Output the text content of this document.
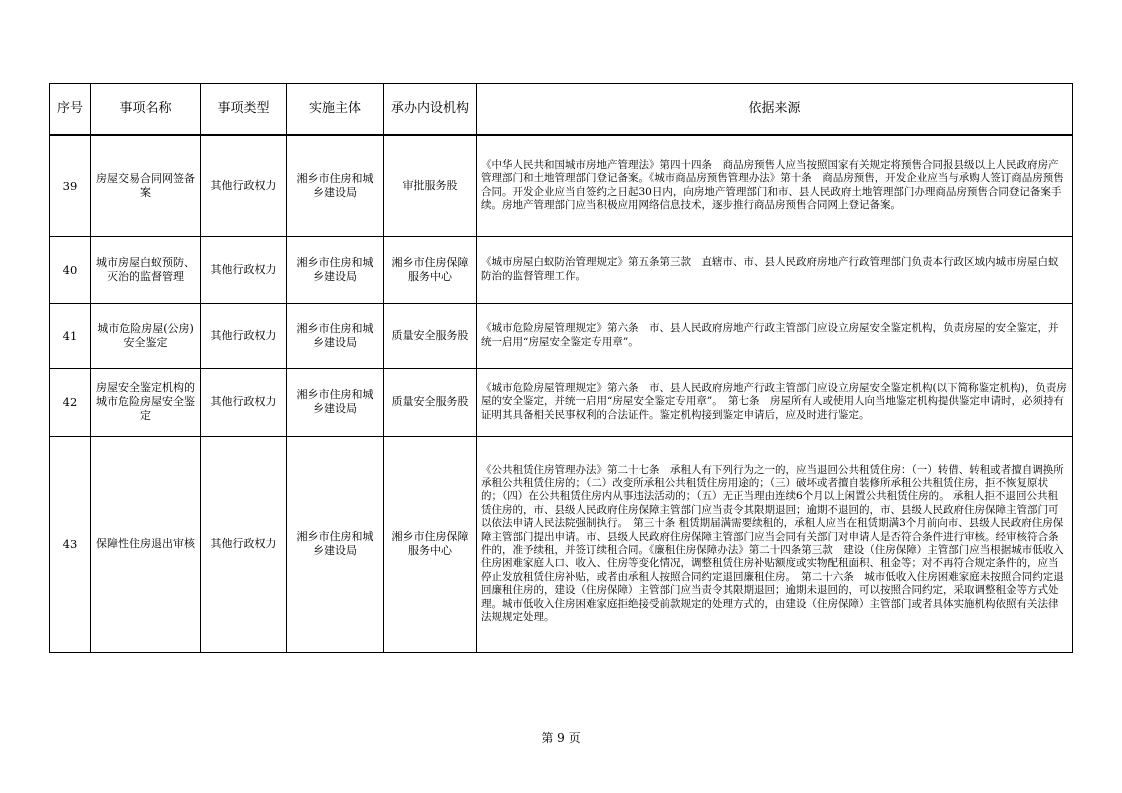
序号	事项名称	事项类型	实施主体	承办内设机构	依据来源
39	房屋交易合同网签备案	其他行政权力	湘乡市住房和城乡建设局	审批服务股	《中华人民共和国城市房地产管理法》第四十四条　商品房预售人应当按照国家有关规定将预售合同报县级以上人民政府房产管理部门和土地管理部门登记备案。《城市商品房预售管理办法》第十条　商品房预售，开发企业应当与承购人签订商品房预售合同。开发企业应当自签约之日起30日内，向房地产管理部门和市、县人民政府土地管理部门办理商品房预售合同登记备案手续。房地产管理部门应当积极应用网络信息技术，逐步推行商品房预售合同网上登记备案。
40	城市房屋白蚁预防、灭治的监督管理	其他行政权力	湘乡市住房和城乡建设局	湘乡市住房保障服务中心	《城市房屋白蚁防治管理规定》第五条第三款　直辖市、市、县人民政府房地产行政管理部门负责本行政区域内城市房屋白蚁防治的监督管理工作。
41	城市危险房屋(公房)安全鉴定	其他行政权力	湘乡市住房和城乡建设局	质量安全服务股	《城市危险房屋管理规定》第六条　市、县人民政府房地产行政主管部门应设立房屋安全鉴定机构，负责房屋的安全鉴定，并统一启用“房屋安全鉴定专用章”。
42	房屋安全鉴定机构的城市危险房屋安全鉴定	其他行政权力	湘乡市住房和城乡建设局	质量安全服务股	《城市危险房屋管理规定》第六条　市、县人民政府房地产行政主管部门应设立房屋安全鉴定机构(以下简称鉴定机构)，负责房屋的安全鉴定，并统一启用“房屋安全鉴定专用章”。　第七条　房屋所有人或使用人向当地鉴定机构提供鉴定申请时，必须持有证明其具备相关民事权利的合法证件。鉴定机构接到鉴定申请后，应及时进行鉴定。
43	保障性住房退出审核	其他行政权力	湘乡市住房和城乡建设局	湘乡市住房保障服务中心	《公共租赁住房管理办法》第二十七条　承租人有下列行为之一的，应当退回公共租赁住房：（一）转借、转租或者擅自调换所承租公共租赁住房的；（二）改变所承租公共租赁住房用途的；（三）破坏或者擅自装修所承租公共租赁住房，拒不恢复原状的；（四）在公共租赁住房内从事违法活动的；（五）无正当理由连续6个月以上闲置公共租赁住房的。 承租人拒不退回公共租赁住房的，市、县级人民政府住房保障主管部门应当责令其限期退回；逾期不退回的，市、县级人民政府住房保障主管部门可以依法申请人民法院强制执行。　第三十条 租赁期届满需要续租的，承租人应当在租赁期满3个月前向市、县级人民政府住房保障主管部门提出申请。市、县级人民政府住房保障主管部门应当会同有关部门对申请人是否符合条件进行审核。经审核符合条件的，准予续租，并签订续租合同。《廉租住房保障办法》第二十四条第三款　建设（住房保障）主管部门应当根据城市低收入住房困难家庭人口、收入、住房等变化情况，调整租赁住房补贴额度或实物配租面积、租金等；对不再符合规定条件的，应当停止发放租赁住房补贴，或者由承租人按照合同约定退回廉租住房。　第二十六条　城市低收入住房困难家庭未按照合同约定退回廉租住房的，建设（住房保障）主管部门应当责令其限期退回；逾期未退回的，可以按照合同约定，采取调整租金等方式处理。城市低收入住房困难家庭拒绝接受前款规定的处理方式的，由建设（住房保障）主管部门或者具体实施机构依照有关法律法规规定处理。
第 9 页
